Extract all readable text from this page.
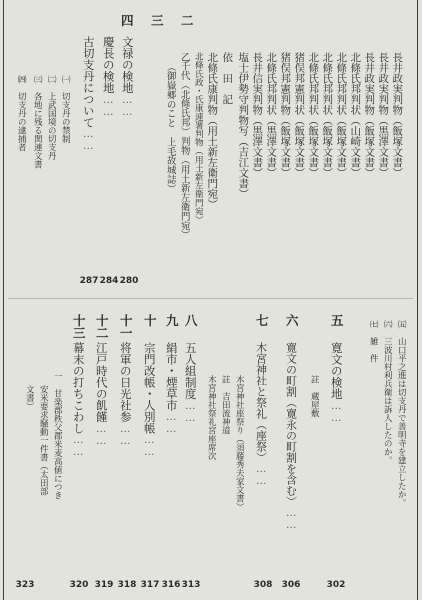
二
三
四
長井政実判物（飯塚文書）
長井政実判物（黒澤文書）
長井政実判物（飯塚文書）
北條氏邦判状（山崎文書）
北條氏邦判状（飯塚文書）
北條氏邦判状（飯塚文書）
北條氏邦判状（飯塚文書）
猪俣邦憲判状（飯塚文書）
猪俣邦憲判物（飯塚文書）
北條氏邦判状（黒澤文書）
長井信実判物（黒澤文書）
塩士伊勢守判物写（吉江文書）
依　田　記
北條氏康判物（用土新左衛門宛）
北條氏政・氏康連署判物（用土新左衛門宛）
乙千代（北條氏邦）判物（用土新左衛門宛）
（御嶽郷のこと　上毛故城誌）
文禄の検地
……
280
慶長の検地
……
284
古切支丹について
……
287
㈠　切支丹の禁制
㈡　上武国境の切支丹
㈢　各地に残る関連文書
㈣　切支丹の逮捕者
㈤　山口平之進は切支丹で善明寺を建立したか。
㈥　三波川村利兵衛は訴人したのか。
㈦　雑　件
五
六
七
八
九
十
十一
十二
十三
寛文の検地
……
302
註　蔵屋敷
寛文の町割（寛永の町割を含む）
……
306
木宮神社と祭礼（座祭）
……
308
木宮神社座祭り（須藤秀夫家文書）
註　吉田流神道
木宮神社祭礼宮座席次
五人組制度
……
313
絹市・煙草市
……
316
宗門改帳・人別帳
……
317
将軍の日光社参
……
318
江戸時代の飢饉
……
319
幕末の打ちこわし
……
320
一　甘楽郡秩父郡米麦高値につき
安米要求騒動一件書（太田部
文書）
323
